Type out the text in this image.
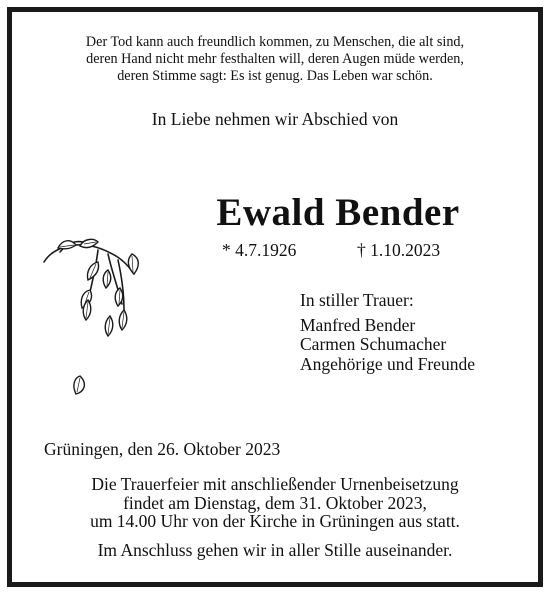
Der Tod kann auch freundlich kommen, zu Menschen, die alt sind,
deren Hand nicht mehr festhalten will, deren Augen müde werden,
deren Stimme sagt: Es ist genug. Das Leben war schön.
In Liebe nehmen wir Abschied von
Ewald Bender
* 4.7.1926	† 1.10.2023
In stiller Trauer:
Manfred Bender
Carmen Schumacher
Angehörige und Freunde
Grüningen, den 26. Oktober 2023
Die Trauerfeier mit anschließender Urnenbeisetzung
findet am Dienstag, dem 31. Oktober 2023,
um 14.00 Uhr von der Kirche in Grüningen aus statt.
Im Anschluss gehen wir in aller Stille auseinander.
